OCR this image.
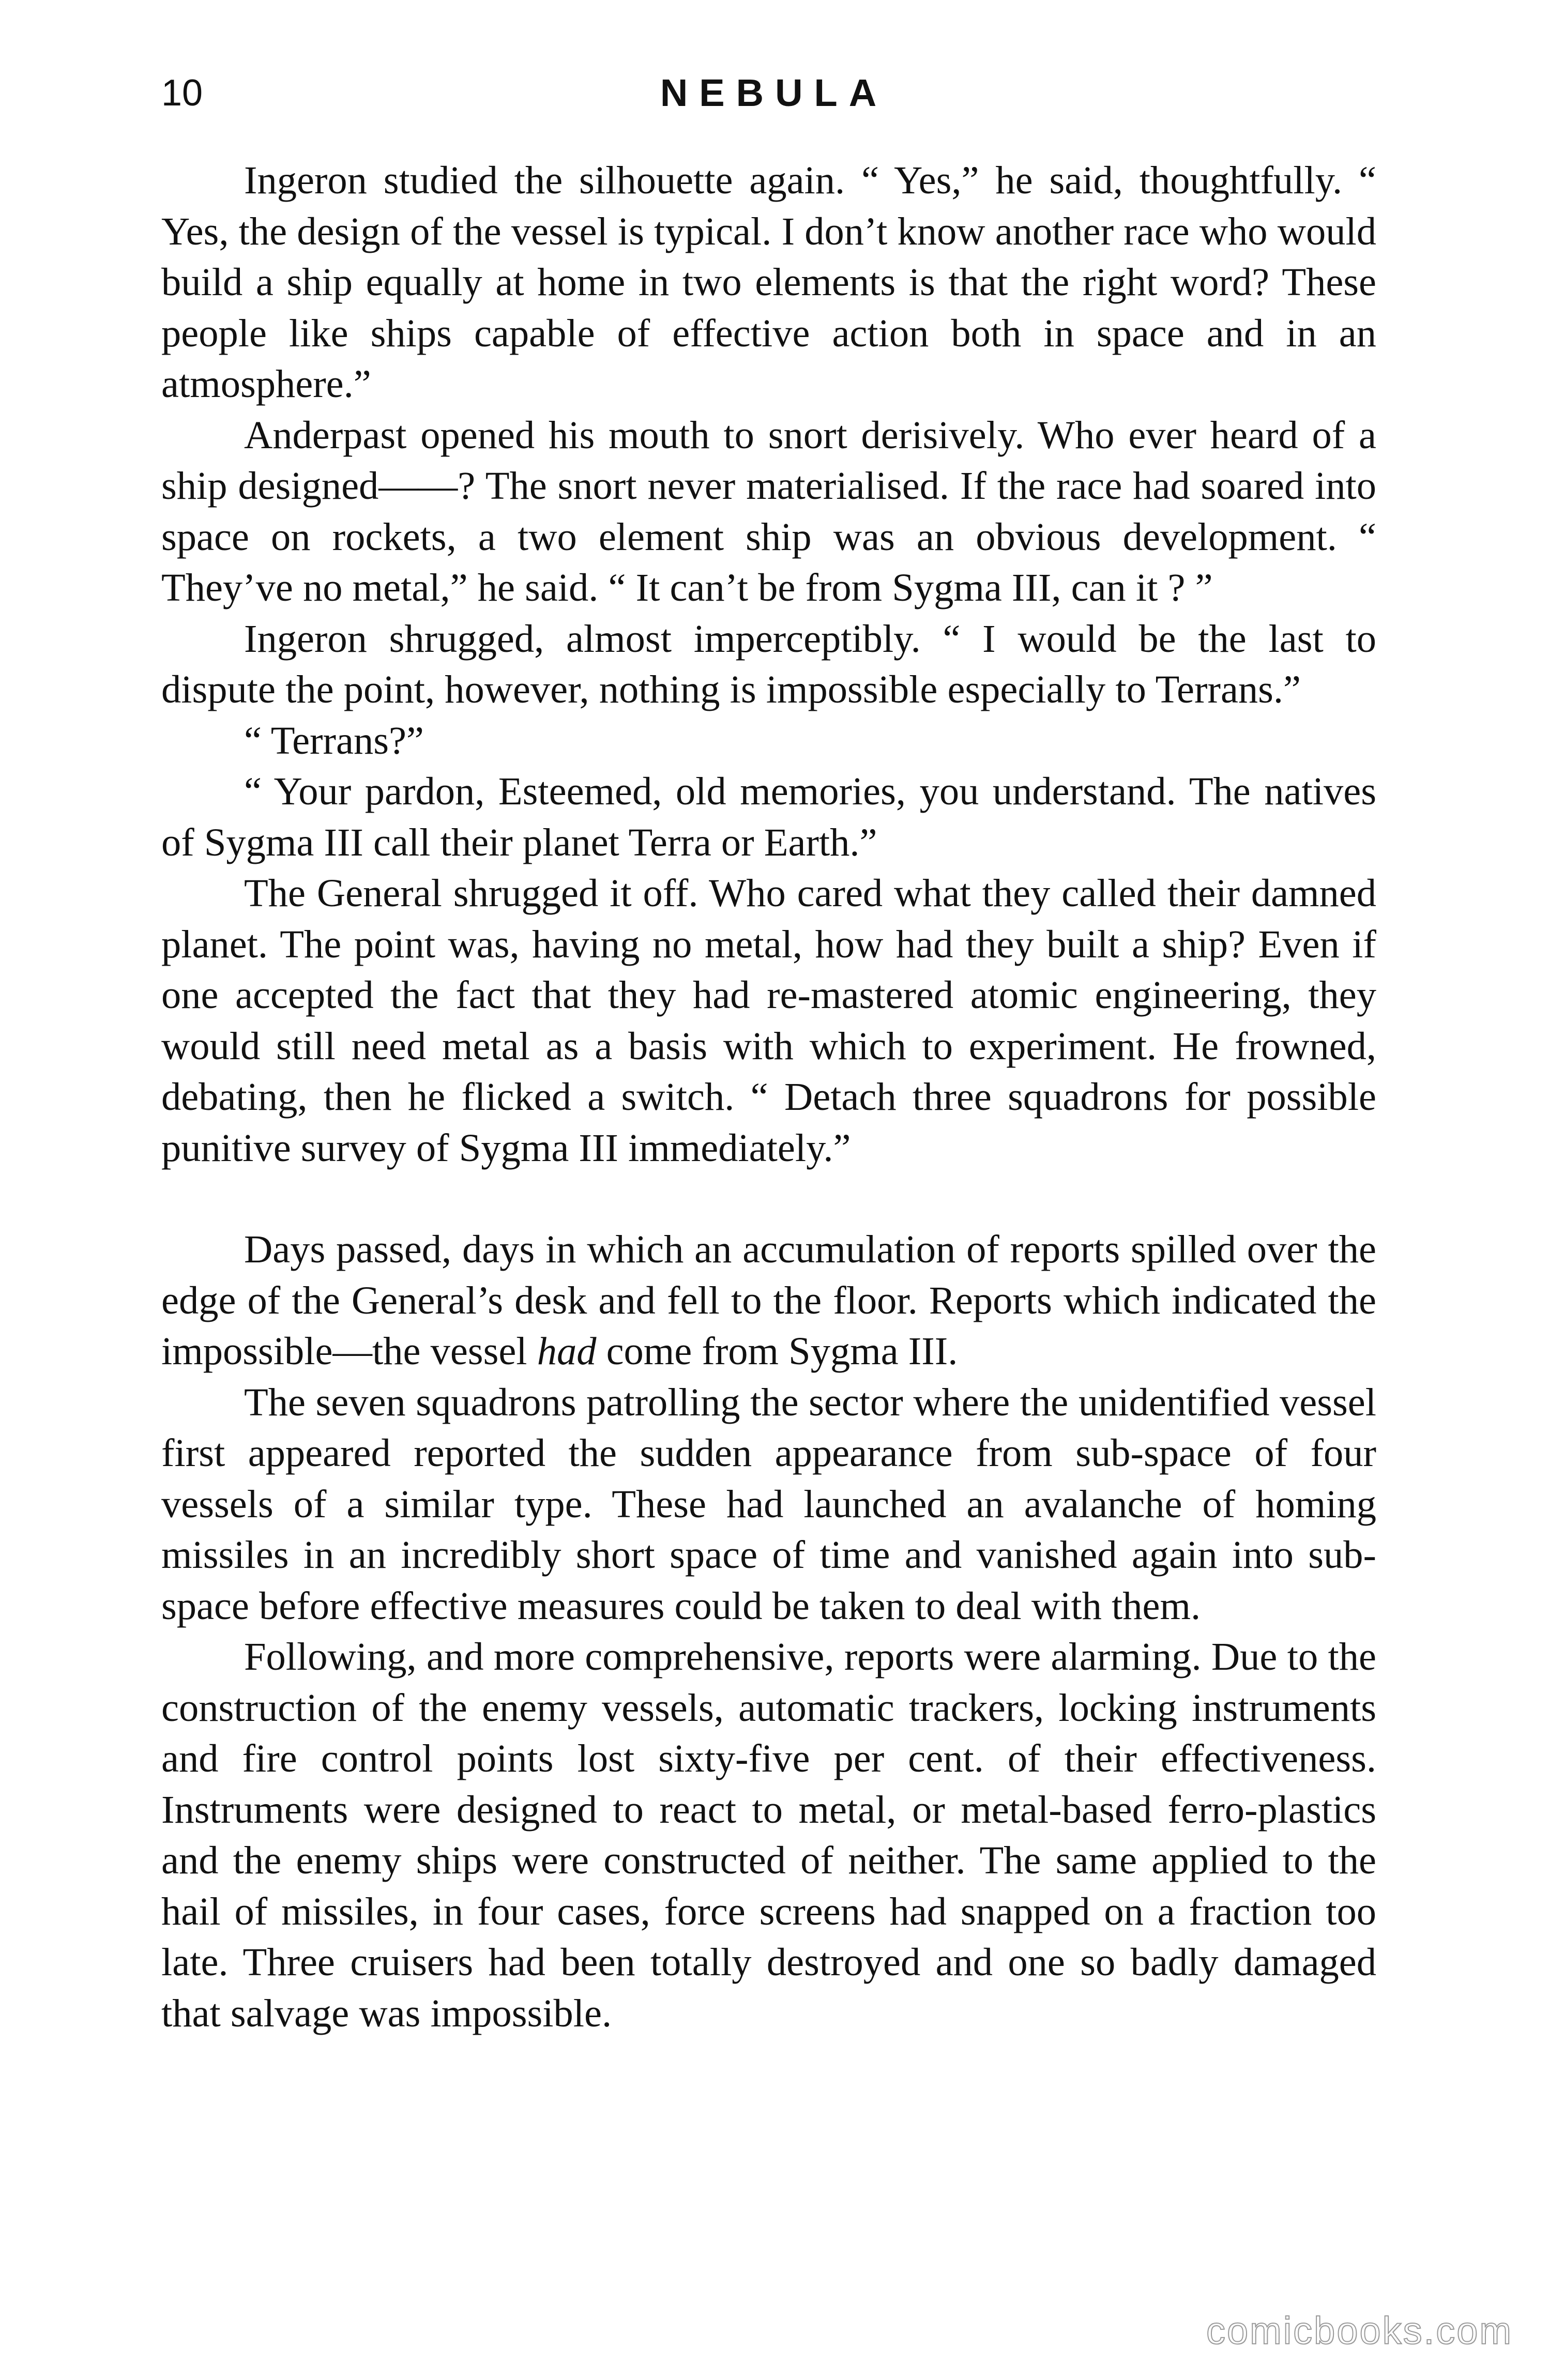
10	NEBULA

Ingeron studied the silhouette again. “ Yes,” he said, thoughtfully. “ Yes, the design of the vessel is typical. I don’t know another race who would build a ship equally at home in two elements is that the right word? These people like ships capable of effective action both in space and in an atmosphere.”

Anderpast opened his mouth to snort derisively. Who ever heard of a ship designed——? The snort never materialised. If the race had soared into space on rockets, a two element ship was an obvious development. “ They’ve no metal,” he said. “ It can’t be from Sygma III, can it ? ”

Ingeron shrugged, almost imperceptibly. “ I would be the last to dispute the point, however, nothing is impossible especially to Terrans.”

“ Terrans?”

“ Your pardon, Esteemed, old memories, you understand. The natives of Sygma III call their planet Terra or Earth.”

The General shrugged it off. Who cared what they called their damned planet. The point was, having no metal, how had they built a ship? Even if one accepted the fact that they had re-mastered atomic engineering, they would still need metal as a basis with which to experiment. He frowned, debating, then he flicked a switch. “ Detach three squadrons for possible punitive survey of Sygma III immediately.”

Days passed, days in which an accumulation of reports spilled over the edge of the General’s desk and fell to the floor. Reports which indicated the impossible—the vessel had come from Sygma III.

The seven squadrons patrolling the sector where the unidentified vessel first appeared reported the sudden appearance from sub-space of four vessels of a similar type. These had launched an avalanche of homing missiles in an incredibly short space of time and vanished again into sub-space before effective measures could be taken to deal with them.

Following, and more comprehensive, reports were alarming. Due to the construction of the enemy vessels, automatic trackers, locking instruments and fire control points lost sixty-five per cent. of their effectiveness. Instruments were designed to react to metal, or metal-based ferro-plastics and the enemy ships were constructed of neither. The same applied to the hail of missiles, in four cases, force screens had snapped on a fraction too late. Three cruisers had been totally destroyed and one so badly damaged that salvage was impossible.

comicbooks.com
